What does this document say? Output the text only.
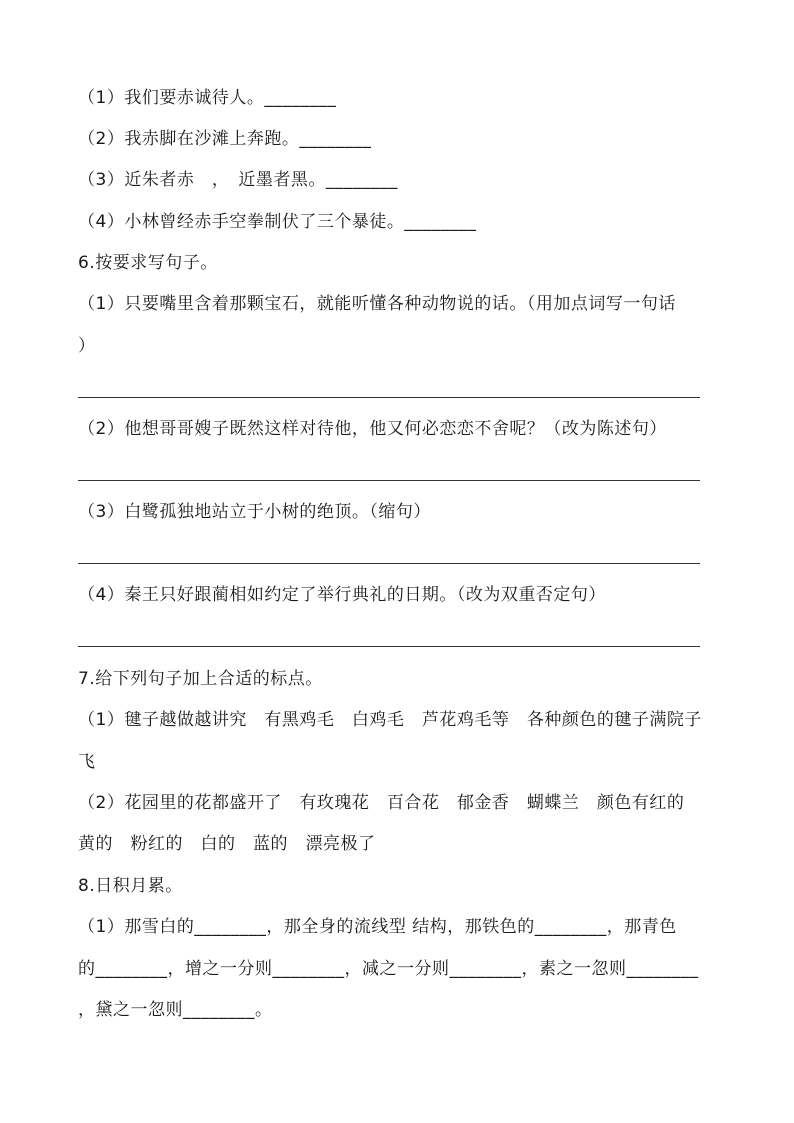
（1）我们要赤诚待人。________
（2）我赤脚在沙滩上奔跑。________
（3）近朱者赤　，　近墨者黑。________
（4）小林曾经赤手空拳制伏了三个暴徒。________
6.按要求写句子。
（1）只要嘴里含着那颗宝石，就能听懂各种动物说的话。（用加点词写一句话
）
（2）他想哥哥嫂子既然这样对待他，他又何必恋恋不舍呢？（改为陈述句）
（3）白鹭孤独地站立于小树的绝顶。（缩句）
（4）秦王只好跟蔺相如约定了举行典礼的日期。（改为双重否定句）
7.给下列句子加上合适的标点。
（1）毽子越做越讲究　有黑鸡毛　白鸡毛　芦花鸡毛等　各种颜色的毽子满院子
飞
（2）花园里的花都盛开了　有玫瑰花　百合花　郁金香　蝴蝶兰　颜色有红的
黄的　粉红的　白的　蓝的　漂亮极了
8.日积月累。
（1）那雪白的________，那全身的流线型 结构，那铁色的________，那青色
的________，增之一分则________，减之一分则________，素之一忽则________
，黛之一忽则________。
